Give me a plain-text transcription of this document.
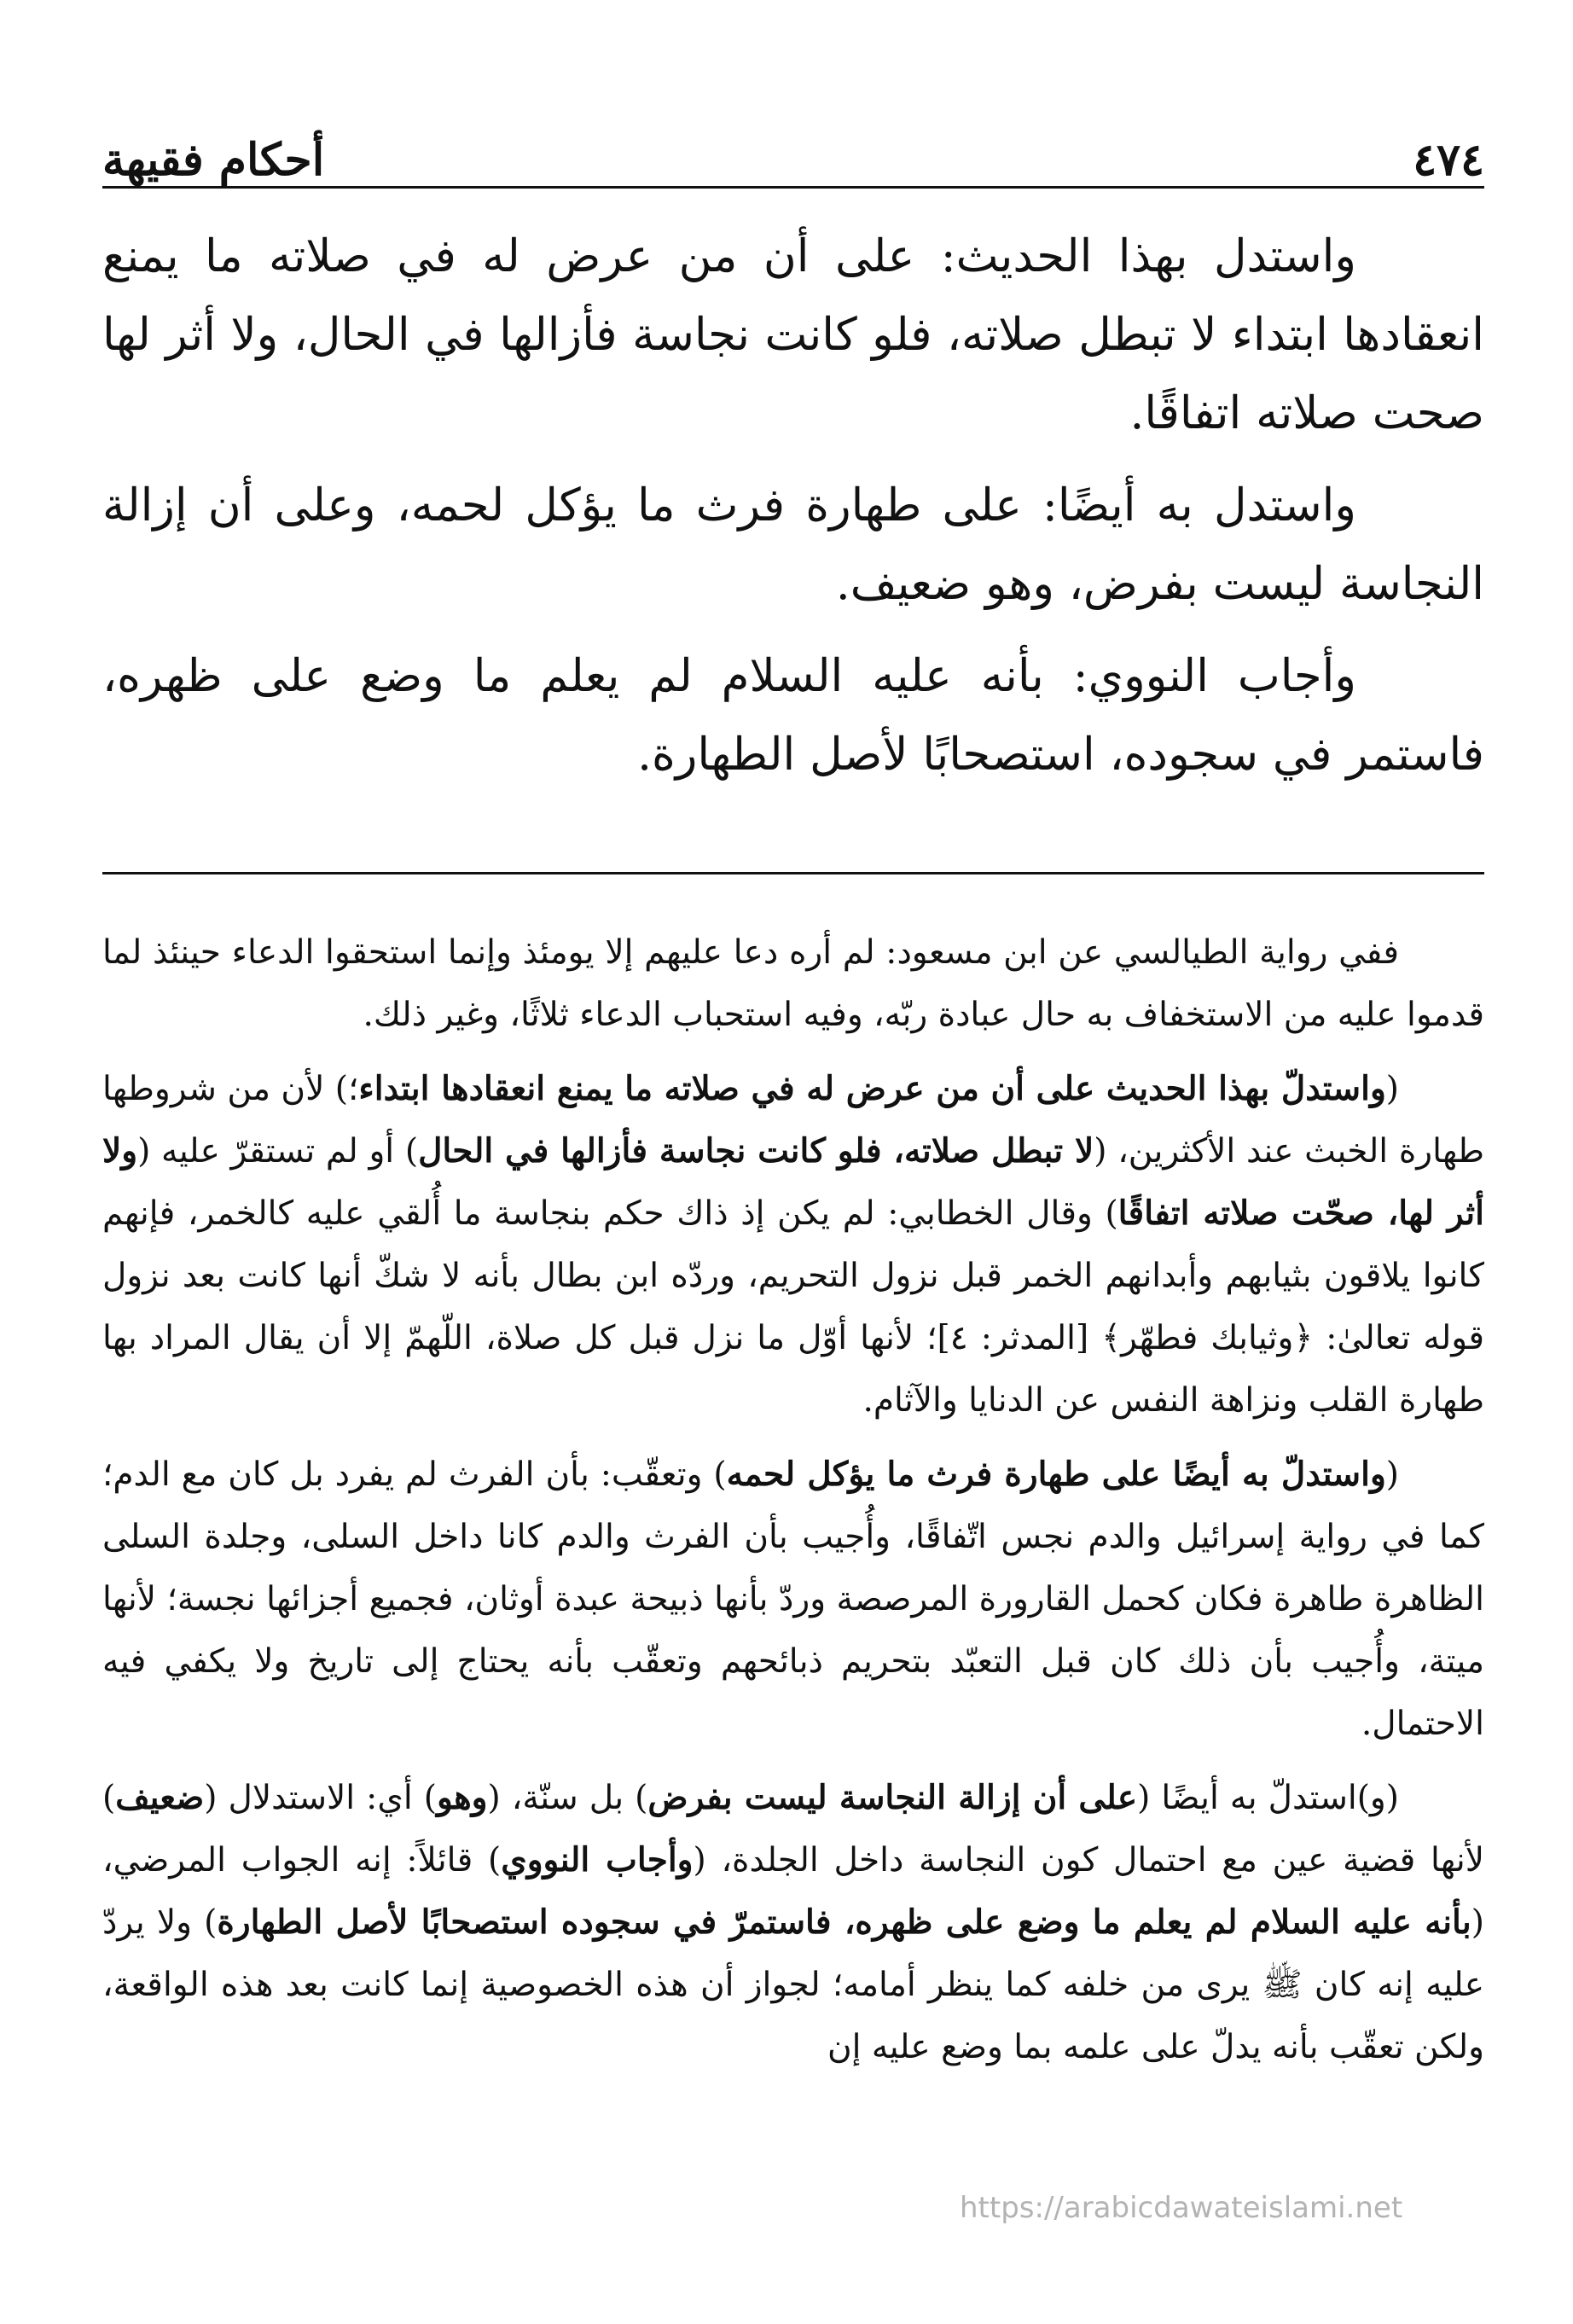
٤٧٤
أحكام فقيهة

واستدل بهذا الحديث: على أن من عرض له في صلاته ما يمنع انعقادها ابتداء لا تبطل صلاته، فلو كانت نجاسة فأزالها في الحال، ولا أثر لها صحت صلاته اتفاقًا.

واستدل به أيضًا: على طهارة فرث ما يؤكل لحمه، وعلى أن إزالة النجاسة ليست بفرض، وهو ضعيف.

وأجاب النووي: بأنه عليه السلام لم يعلم ما وضع على ظهره، فاستمر في سجوده، استصحابًا لأصل الطهارة.

ففي رواية الطيالسي عن ابن مسعود: لم أره دعا عليهم إلا يومئذ وإنما استحقوا الدعاء حينئذ لما قدموا عليه من الاستخفاف به حال عبادة ربّه، وفيه استحباب الدعاء ثلاثًا، وغير ذلك.

(واستدلّ بهذا الحديث على أن من عرض له في صلاته ما يمنع انعقادها ابتداء؛) لأن من شروطها طهارة الخبث عند الأكثرين، (لا تبطل صلاته، فلو كانت نجاسة فأزالها في الحال) أو لم تستقرّ عليه (ولا أثر لها، صحّت صلاته اتفاقًا) وقال الخطابي: لم يكن إذ ذاك حكم بنجاسة ما أُلقي عليه كالخمر، فإنهم كانوا يلاقون بثيابهم وأبدانهم الخمر قبل نزول التحريم، وردّه ابن بطال بأنه لا شكّ أنها كانت بعد نزول قوله تعالىٰ: ﴿وثيابك فطهّر﴾ [المدثر: ٤]؛ لأنها أوّل ما نزل قبل كل صلاة، اللّهمّ إلا أن يقال المراد بها طهارة القلب ونزاهة النفس عن الدنايا والآثام.

(واستدلّ به أيضًا على طهارة فرث ما يؤكل لحمه) وتعقّب: بأن الفرث لم يفرد بل كان مع الدم؛ كما في رواية إسرائيل والدم نجس اتّفاقًا، وأُجيب بأن الفرث والدم كانا داخل السلى، وجلدة السلى الظاهرة طاهرة فكان كحمل القارورة المرصصة وردّ بأنها ذبيحة عبدة أوثان، فجميع أجزائها نجسة؛ لأنها ميتة، وأُجيب بأن ذلك كان قبل التعبّد بتحريم ذبائحهم وتعقّب بأنه يحتاج إلى تاريخ ولا يكفي فيه الاحتمال.

(و)استدلّ به أيضًا (على أن إزالة النجاسة ليست بفرض) بل سنّة، (وهو) أي: الاستدلال (ضعيف) لأنها قضية عين مع احتمال كون النجاسة داخل الجلدة، (وأجاب النووي) قائلاً: إنه الجواب المرضي، (بأنه عليه السلام لم يعلم ما وضع على ظهره، فاستمرّ في سجوده استصحابًا لأصل الطهارة) ولا يردّ عليه إنه كان ﷺ يرى من خلفه كما ينظر أمامه؛ لجواز أن هذه الخصوصية إنما كانت بعد هذه الواقعة، ولكن تعقّب بأنه يدلّ على علمه بما وضع عليه إن

https://arabicdawateislami.net
